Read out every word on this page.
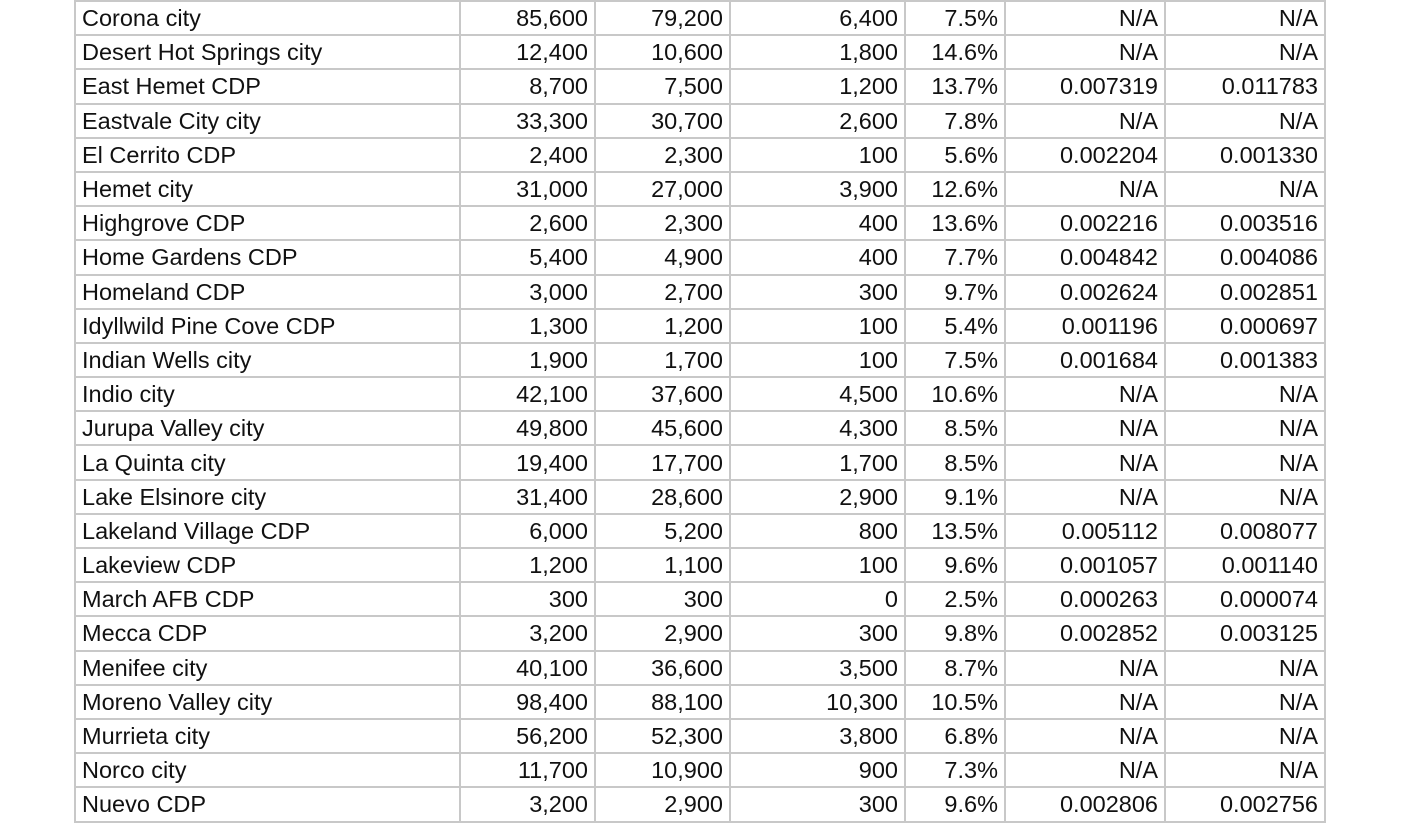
Corona city	85,600	79,200	6,400	7.5%	N/A	N/A
Desert Hot Springs city	12,400	10,600	1,800	14.6%	N/A	N/A
East Hemet CDP	8,700	7,500	1,200	13.7%	0.007319	0.011783
Eastvale City city	33,300	30,700	2,600	7.8%	N/A	N/A
El Cerrito CDP	2,400	2,300	100	5.6%	0.002204	0.001330
Hemet city	31,000	27,000	3,900	12.6%	N/A	N/A
Highgrove CDP	2,600	2,300	400	13.6%	0.002216	0.003516
Home Gardens CDP	5,400	4,900	400	7.7%	0.004842	0.004086
Homeland CDP	3,000	2,700	300	9.7%	0.002624	0.002851
Idyllwild Pine Cove CDP	1,300	1,200	100	5.4%	0.001196	0.000697
Indian Wells city	1,900	1,700	100	7.5%	0.001684	0.001383
Indio city	42,100	37,600	4,500	10.6%	N/A	N/A
Jurupa Valley city	49,800	45,600	4,300	8.5%	N/A	N/A
La Quinta city	19,400	17,700	1,700	8.5%	N/A	N/A
Lake Elsinore city	31,400	28,600	2,900	9.1%	N/A	N/A
Lakeland Village CDP	6,000	5,200	800	13.5%	0.005112	0.008077
Lakeview CDP	1,200	1,100	100	9.6%	0.001057	0.001140
March AFB CDP	300	300	0	2.5%	0.000263	0.000074
Mecca CDP	3,200	2,900	300	9.8%	0.002852	0.003125
Menifee city	40,100	36,600	3,500	8.7%	N/A	N/A
Moreno Valley city	98,400	88,100	10,300	10.5%	N/A	N/A
Murrieta city	56,200	52,300	3,800	6.8%	N/A	N/A
Norco city	11,700	10,900	900	7.3%	N/A	N/A
Nuevo CDP	3,200	2,900	300	9.6%	0.002806	0.002756
